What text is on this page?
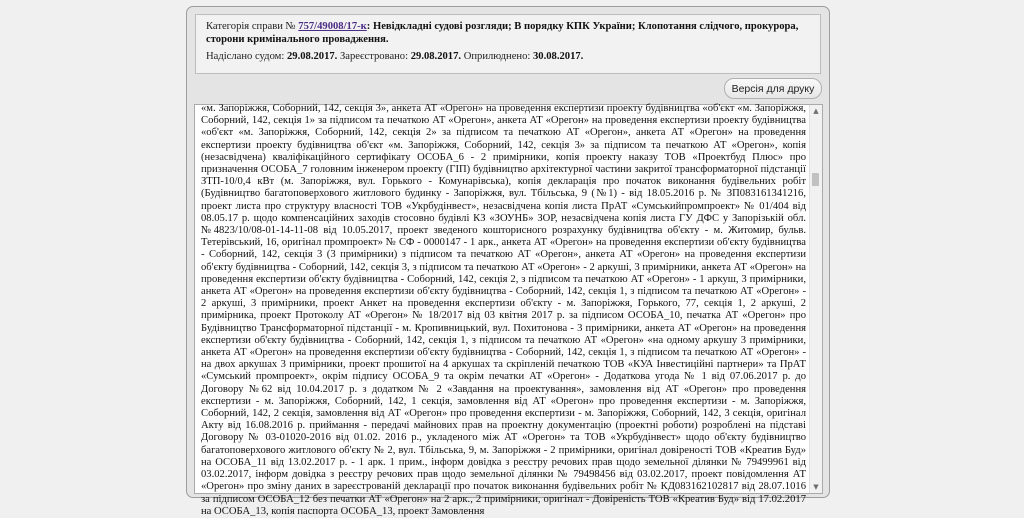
Категорія справи № 757/49008/17-к: Невідкладні судові розгляди; В порядку КПК України; Клопотання слідчого, прокурора, сторони кримінального провадження.
Надіслано судом: 29.08.2017. Зареєстровано: 29.08.2017. Оприлюднено: 30.08.2017.
Версія для друку

«м. Запоріжжя, Соборний, 142, секція 3», анкета АТ «Орегон» на проведення експертизи проекту будівництва «об'єкт «м. Запоріжжя, Соборний, 142, секція 1» за підписом та печаткою АТ «Орегон», анкета АТ «Орегон» на проведення експертизи проекту будівництва «об'єкт «м. Запоріжжя, Соборний, 142, секція 2» за підписом та печаткою АТ «Орегон», анкета АТ «Орегон» на проведення експертизи проекту будівництва об'єкт «м. Запоріжжя, Соборний, 142, секція 3» за підписом та печаткою АТ «Орегон», копія (незасвідчена) кваліфікаційного сертифікату ОСОБА_6 - 2 примірники, копія проекту наказу ТОВ «Проектбуд Плюс» про призначення ОСОБА_7 головним інженером проекту (ГІП) будівництво архітектурної частини закритої трансформаторної підстанції ЗТП-10/0,4 кВт (м. Запоріжжя, вул. Горького - Комунарівська), копія декларація про початок виконання будівельних робіт (Будівництво багатоповерхового житлового будинку - Запоріжжя, вул. Тбільська, 9 (№1) - від 18.05.2016 р. № ЗП083161341216, проект листа про структуру власності ТОВ «Укрбудінвест», незасвідчена копія листа ПрАТ «Сумськийпромпроект» № 01/404 від 08.05.17 р. щодо компенсаційних заходів стосовно будівлі КЗ «ЗОУНБ» ЗОР, незасвідчена копія листа ГУ ДФС у Запорізькій обл. №4823/10/08-01-14-11-08 від 10.05.2017, проект зведеного кошторисного розрахунку будівництва об'єкту - м. Житомир, бульв. Тетерівський, 16, оригінал промпроект» № СФ - 0000147 - 1 арк., анкета АТ «Орегон» на проведення експертизи об'єкту будівництва - Соборний, 142, секція 3 (3 примірники) з підписом та печаткою АТ «Орегон», анкета АТ «Орегон» на проведення експертизи об'єкту будівництва - Соборний, 142, секція 3, з підписом та печаткою АТ «Орегон» - 2 аркуші, 3 примірники, анкета АТ «Орегон» на проведення експертизи об'єкту будівництва - Соборний, 142, секція 2, з підписом та печаткою АТ «Орегон» - 1 аркуш, 3 примірники, анкета АТ «Орегон» на проведення експертизи об'єкту будівництва - Соборний, 142, секція 1, з підписом та печаткою АТ «Орегон» - 2 аркуші, 3 примірники, проект Анкет на проведення експертизи об'єкту - м. Запоріжжя, Горького, 77, секція 1, 2 аркуші, 2 примірника, проект Протоколу АТ «Орегон» № 18/2017 від 03 квітня 2017 р. за підписом ОСОБА_10, печатка АТ «Орегон» про Будівництво Трансформаторної підстанції - м. Кропивницький, вул. Похитонова - 3 примірники, анкета АТ «Орегон» на проведення експертизи об'єкту будівництва - Соборний, 142, секція 1, з підписом та печаткою АТ «Орегон» «на одному аркушу 3 примірники, анкета АТ «Орегон» на проведення експертизи об'єкту будівництва - Соборний, 142, секція 1, з підписом та печаткою АТ «Орегон» - на двох аркушах 3 примірники, проект прошитої на 4 аркушах та скріпленій печаткою ТОВ «КУА Інвестиційні партнери» та ПрАТ «Сумський промпроект», окрім підпису ОСОБА_9 та окрім печатки АТ «Орегон» - Додаткова угода № 1 від 07.06.2017 р. до Договору №62 від 10.04.2017 р. з додатком № 2 «Завдання на проектування», замовлення від АТ «Орегон» про проведення експертизи - м. Запоріжжя, Соборний, 142, 1 секція, замовлення від АТ «Орегон» про проведення експертизи - м. Запоріжжя, Соборний, 142, 2 секція, замовлення від АТ «Орегон» про проведення експертизи - м. Запоріжжя, Соборний, 142, 3 секція, оригінал Акту від 16.08.2016 р. приймання - передачі майнових прав на проектну документацію (проектні роботи) розроблені на підставі Договору № 03-01020-2016 від 01.02. 2016 р., укладеного між АТ «Орегон» та ТОВ «Укрбудінвест» щодо об'єкту будівництво багатоповерхового житлового об'єкту № 2, вул. Тбільська, 9, м. Запоріжжя - 2 примірники, оригінал довіреності ТОВ «Креатив Буд» на ОСОБА_11 від 13.02.2017 р. - 1 арк. 1 прим., інформ довідка з реєстру речових прав щодо земельної ділянки № 79499961 від 03.02.2017, інформ довідка з реєстру речових прав щодо земельної ділянки № 79498456 від 03.02.2017, проект повідомлення АТ «Орегон» про зміну даних в зареєстрованій декларації про початок виконання будівельних робіт № КД083162102817 від 28.07.1016 за підписом ОСОБА_12 без печатки АТ «Орегон» на 2 арк., 2 примірники, оригінал - Довіреність ТОВ «Креатив Буд» від 17.02.2017 на ОСОБА_13, копія паспорта ОСОБА_13, проект Замовлення

▲
▼
